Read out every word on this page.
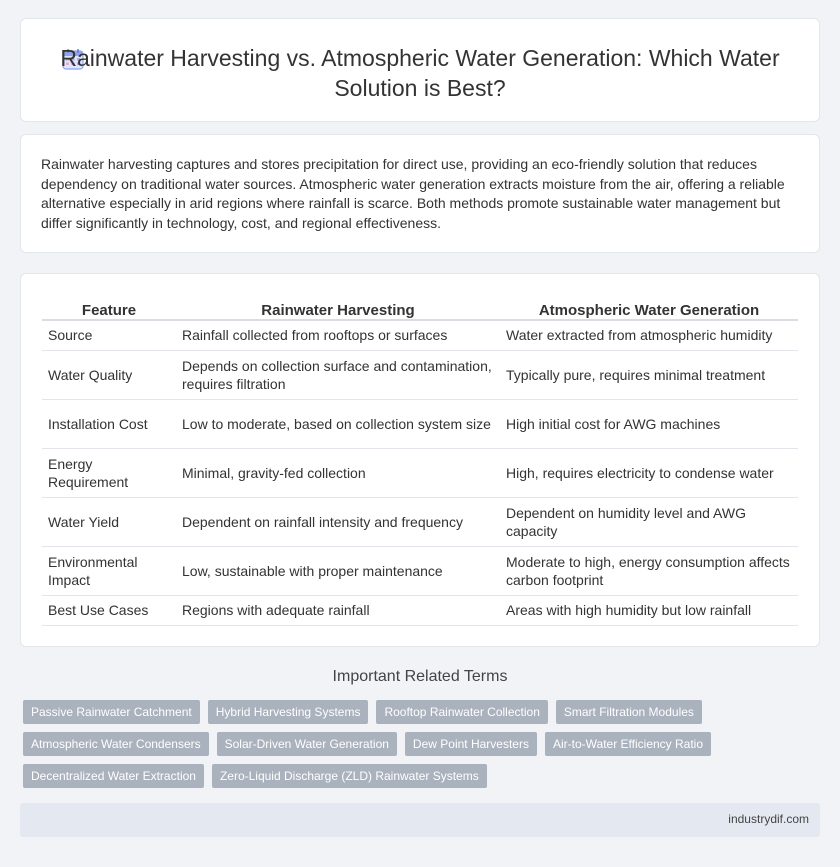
Rainwater Harvesting vs. Atmospheric Water Generation: Which Water Solution is Best?

Rainwater harvesting captures and stores precipitation for direct use, providing an eco-friendly solution that reduces dependency on traditional water sources. Atmospheric water generation extracts moisture from the air, offering a reliable alternative especially in arid regions where rainfall is scarce. Both methods promote sustainable water management but differ significantly in technology, cost, and regional effectiveness.

Feature	Rainwater Harvesting	Atmospheric Water Generation
Source	Rainfall collected from rooftops or surfaces	Water extracted from atmospheric humidity
Water Quality	Depends on collection surface and contamination, requires filtration	Typically pure, requires minimal treatment
Installation Cost	Low to moderate, based on collection system size	High initial cost for AWG machines
Energy Requirement	Minimal, gravity-fed collection	High, requires electricity to condense water
Water Yield	Dependent on rainfall intensity and frequency	Dependent on humidity level and AWG capacity
Environmental Impact	Low, sustainable with proper maintenance	Moderate to high, energy consumption affects carbon footprint
Best Use Cases	Regions with adequate rainfall	Areas with high humidity but low rainfall
Important Related Terms
Passive Rainwater Catchment	Hybrid Harvesting Systems	Rooftop Rainwater Collection	Smart Filtration Modules
Atmospheric Water Condensers	Solar-Driven Water Generation	Dew Point Harvesters	Air-to-Water Efficiency Ratio
Decentralized Water Extraction	Zero-Liquid Discharge (ZLD) Rainwater Systems
industrydif.com
